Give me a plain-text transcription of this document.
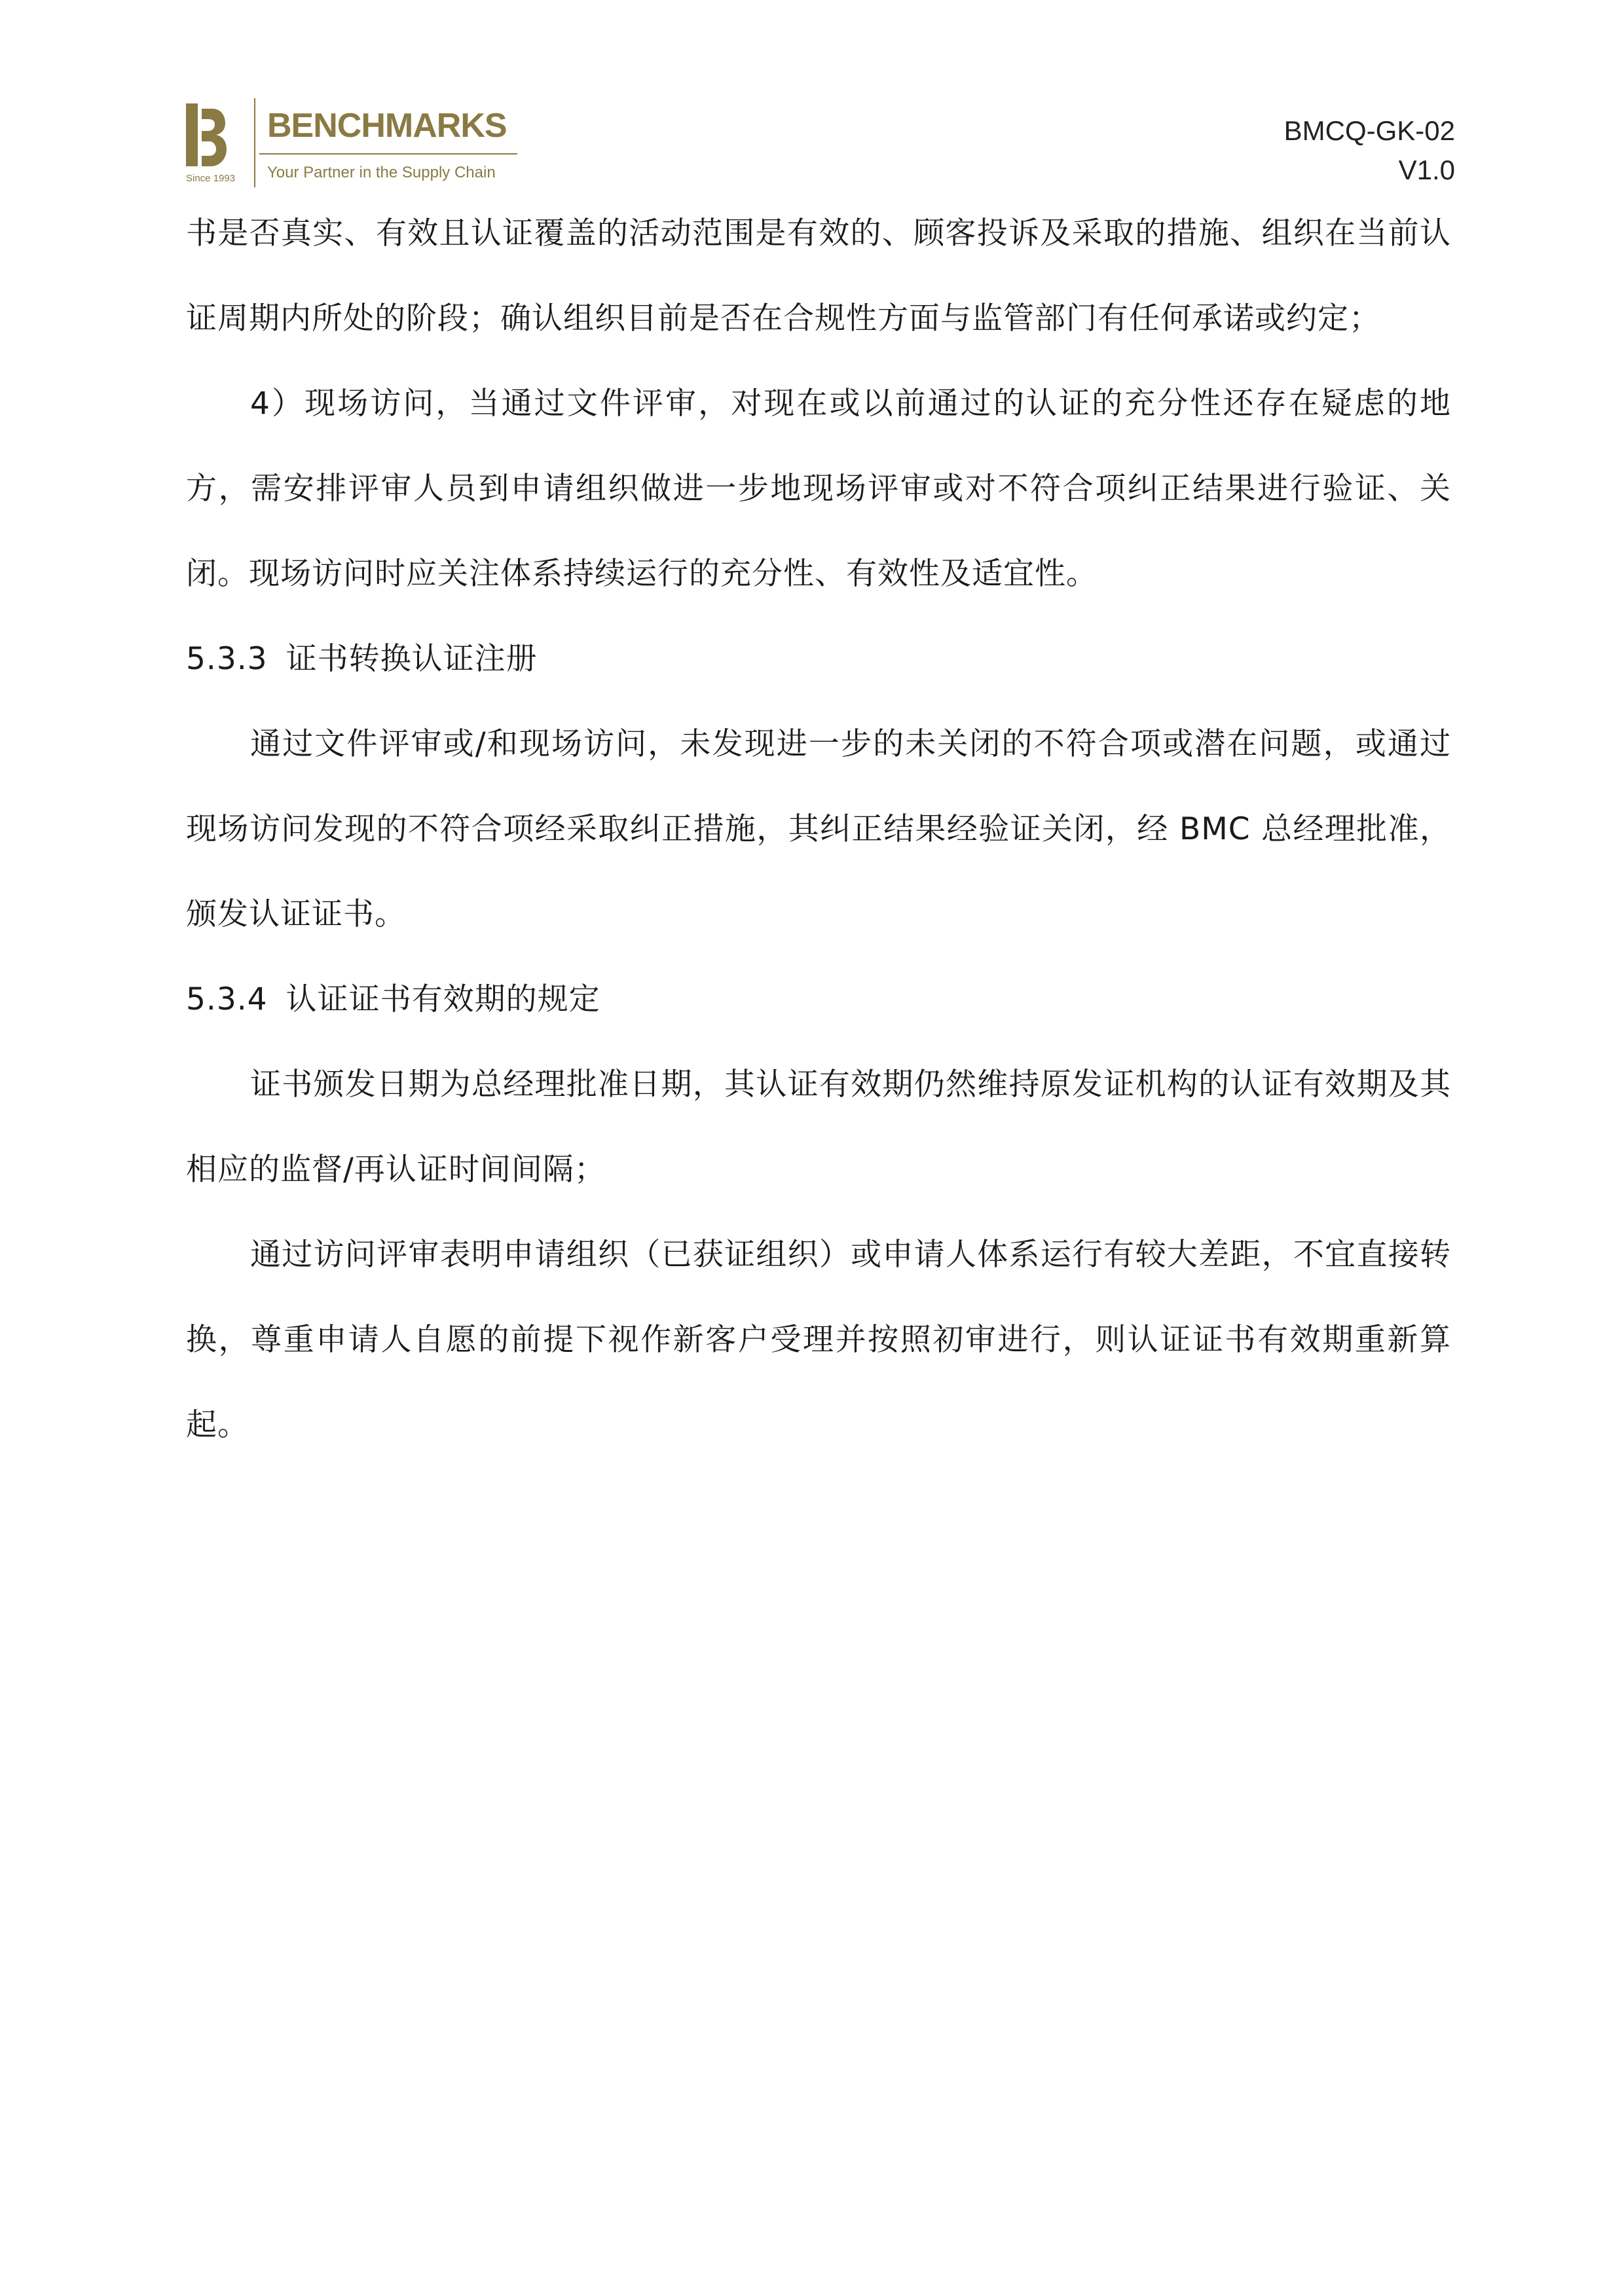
Since 1993
BENCHMARKS
Your Partner in the Supply Chain
BMCQ-GK-02
V1.0

书是否真实、有效且认证覆盖的活动范围是有效的、顾客投诉及采取的措施、组织在当前认证周期内所处的阶段；确认组织目前是否在合规性方面与监管部门有任何承诺或约定；

4）现场访问，当通过文件评审，对现在或以前通过的认证的充分性还存在疑虑的地方，需安排评审人员到申请组织做进一步地现场评审或对不符合项纠正结果进行验证、关闭。现场访问时应关注体系持续运行的充分性、有效性及适宜性。

5.3.3 证书转换认证注册

通过文件评审或/和现场访问，未发现进一步的未关闭的不符合项或潜在问题，或通过现场访问发现的不符合项经采取纠正措施，其纠正结果经验证关闭，经 BMC 总经理批准，颁发认证证书。

5.3.4 认证证书有效期的规定

证书颁发日期为总经理批准日期，其认证有效期仍然维持原发证机构的认证有效期及其相应的监督/再认证时间间隔；

通过访问评审表明申请组织（已获证组织）或申请人体系运行有较大差距，不宜直接转换，尊重申请人自愿的前提下视作新客户受理并按照初审进行，则认证证书有效期重新算起。
